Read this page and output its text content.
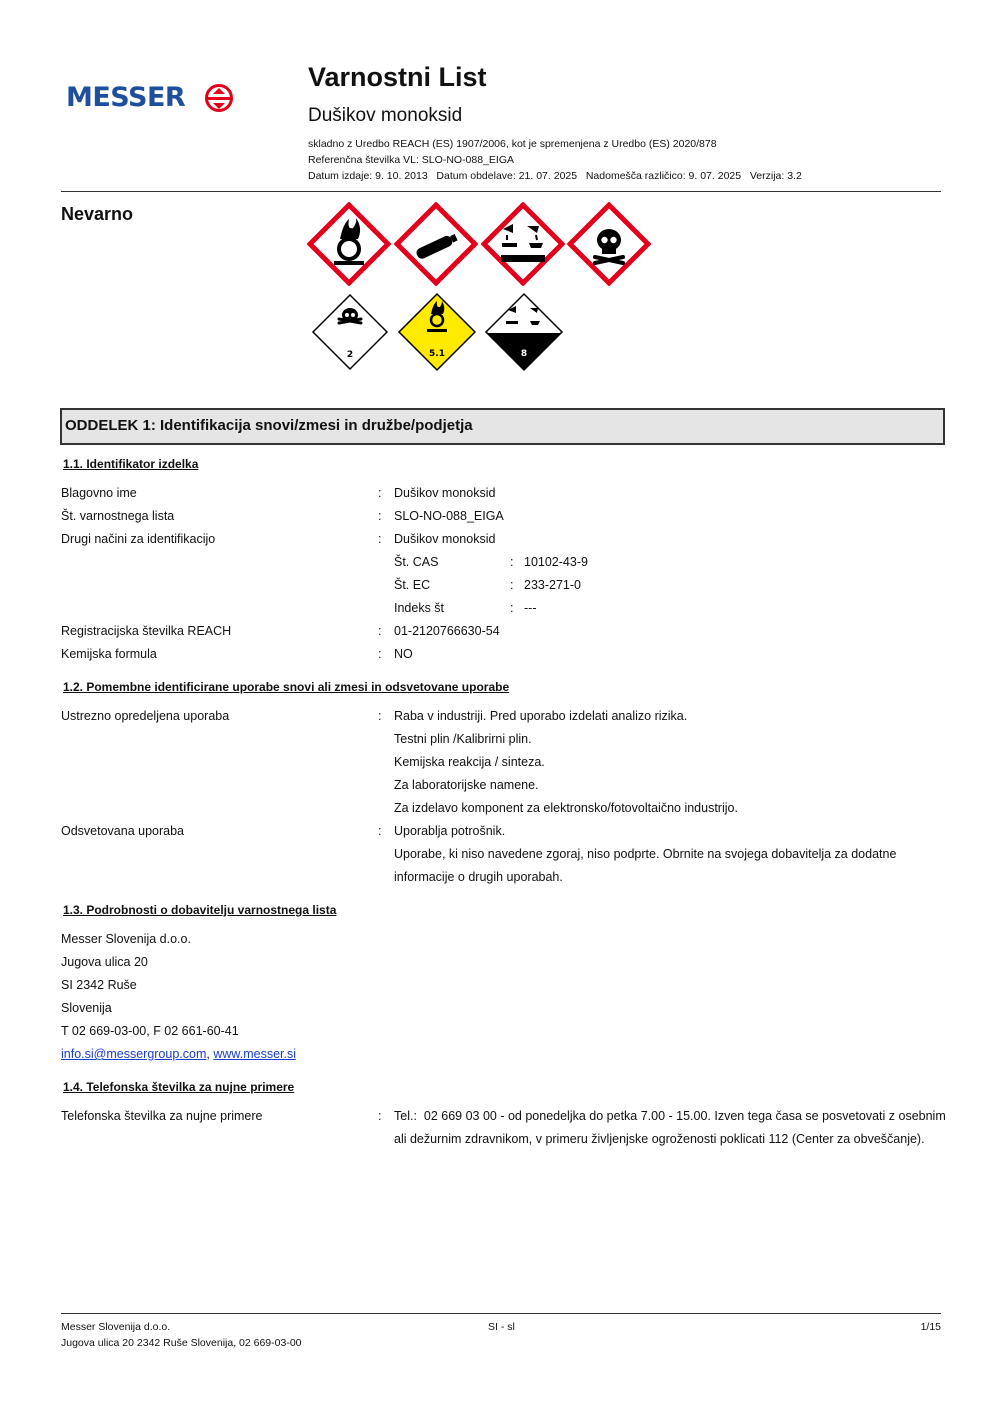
MESSER
Varnostni List
Dušikov monoksid
skladno z Uredbo REACH (ES) 1907/2006, kot je spremenjena z Uredbo (ES) 2020/878
Referenčna številka VL: SLO-NO-088_EIGA
Datum izdaje: 9. 10. 2013   Datum obdelave: 21. 07. 2025   Nadomešča različico: 9. 07. 2025   Verzija: 3.2
Nevarno
2	5.1	8
ODDELEK 1: Identifikacija snovi/zmesi in družbe/podjetja
1.1. Identifikator izdelka
Blagovno ime	: Dušikov monoksid
Št. varnostnega lista	: SLO-NO-088_EIGA
Drugi načini za identifikacijo	: Dušikov monoksid
Št. CAS	: 10102-43-9
Št. EC	: 233-271-0
Indeks št	: ---
Registracijska številka REACH	: 01-2120766630-54
Kemijska formula	: NO
1.2. Pomembne identificirane uporabe snovi ali zmesi in odsvetovane uporabe
Ustrezno opredeljena uporaba	: Raba v industriji. Pred uporabo izdelati analizo rizika.
Testni plin /Kalibrirni plin.
Kemijska reakcija / sinteza.
Za laboratorijske namene.
Za izdelavo komponent za elektronsko/fotovoltaično industrijo.
Odsvetovana uporaba	: Uporablja potrošnik.
Uporabe, ki niso navedene zgoraj, niso podprte. Obrnite na svojega dobavitelja za dodatne
informacije o drugih uporabah.
1.3. Podrobnosti o dobavitelju varnostnega lista
Messer Slovenija d.o.o.
Jugova ulica 20
SI 2342 Ruše
Slovenija
T 02 669-03-00, F 02 661-60-41
info.si@messergroup.com, www.messer.si
1.4. Telefonska številka za nujne primere
Telefonska številka za nujne primere	: Tel.:  02 669 03 00 - od ponedeljka do petka 7.00 - 15.00. Izven tega časa se posvetovati z osebnim
ali dežurnim zdravnikom, v primeru življenjske ogroženosti poklicati 112 (Center za obveščanje).
Messer Slovenija d.o.o.
Jugova ulica 20 2342 Ruše Slovenija, 02 669-03-00
SI - sl	1/15
